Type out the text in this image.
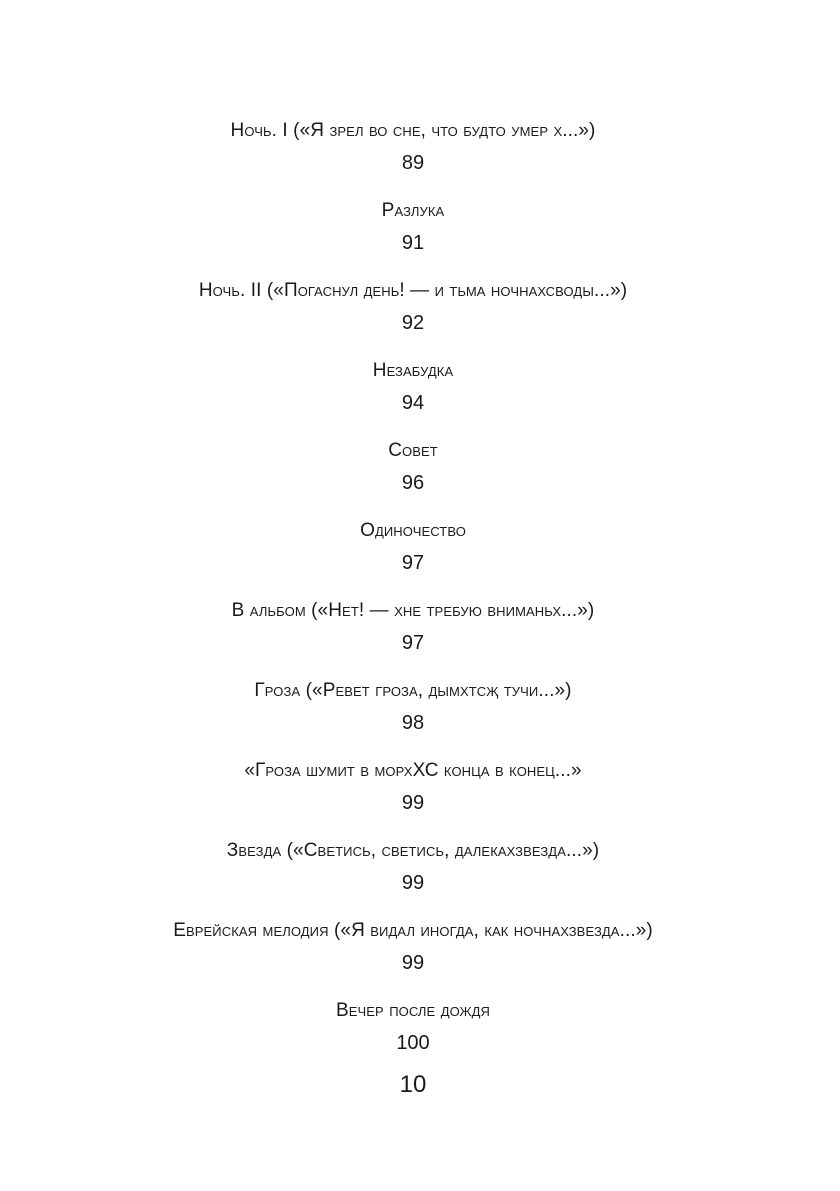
Ночь. I («Я зрел во сне, что будто умер х...»)
89
Разлука
91
Ночь. II («Погаснул день! — и тьма ночнахсводы...»)
92
Незабудка
94
Совет
96
Одиночество
97
В альбом («Нет! — хне требую вниманьх...»)
97
Гроза («Ревет гроза, дымхтсҗ тучи...»)
98
«Гроза шумит в морхХС конца в конец...»
99
Звезда («Светись, светись, далекахзвезда...»)
99
Еврейская мелодия («Я видал иногда, как ночнахзвезда...»)
99
Вечер после дождя
100
10
